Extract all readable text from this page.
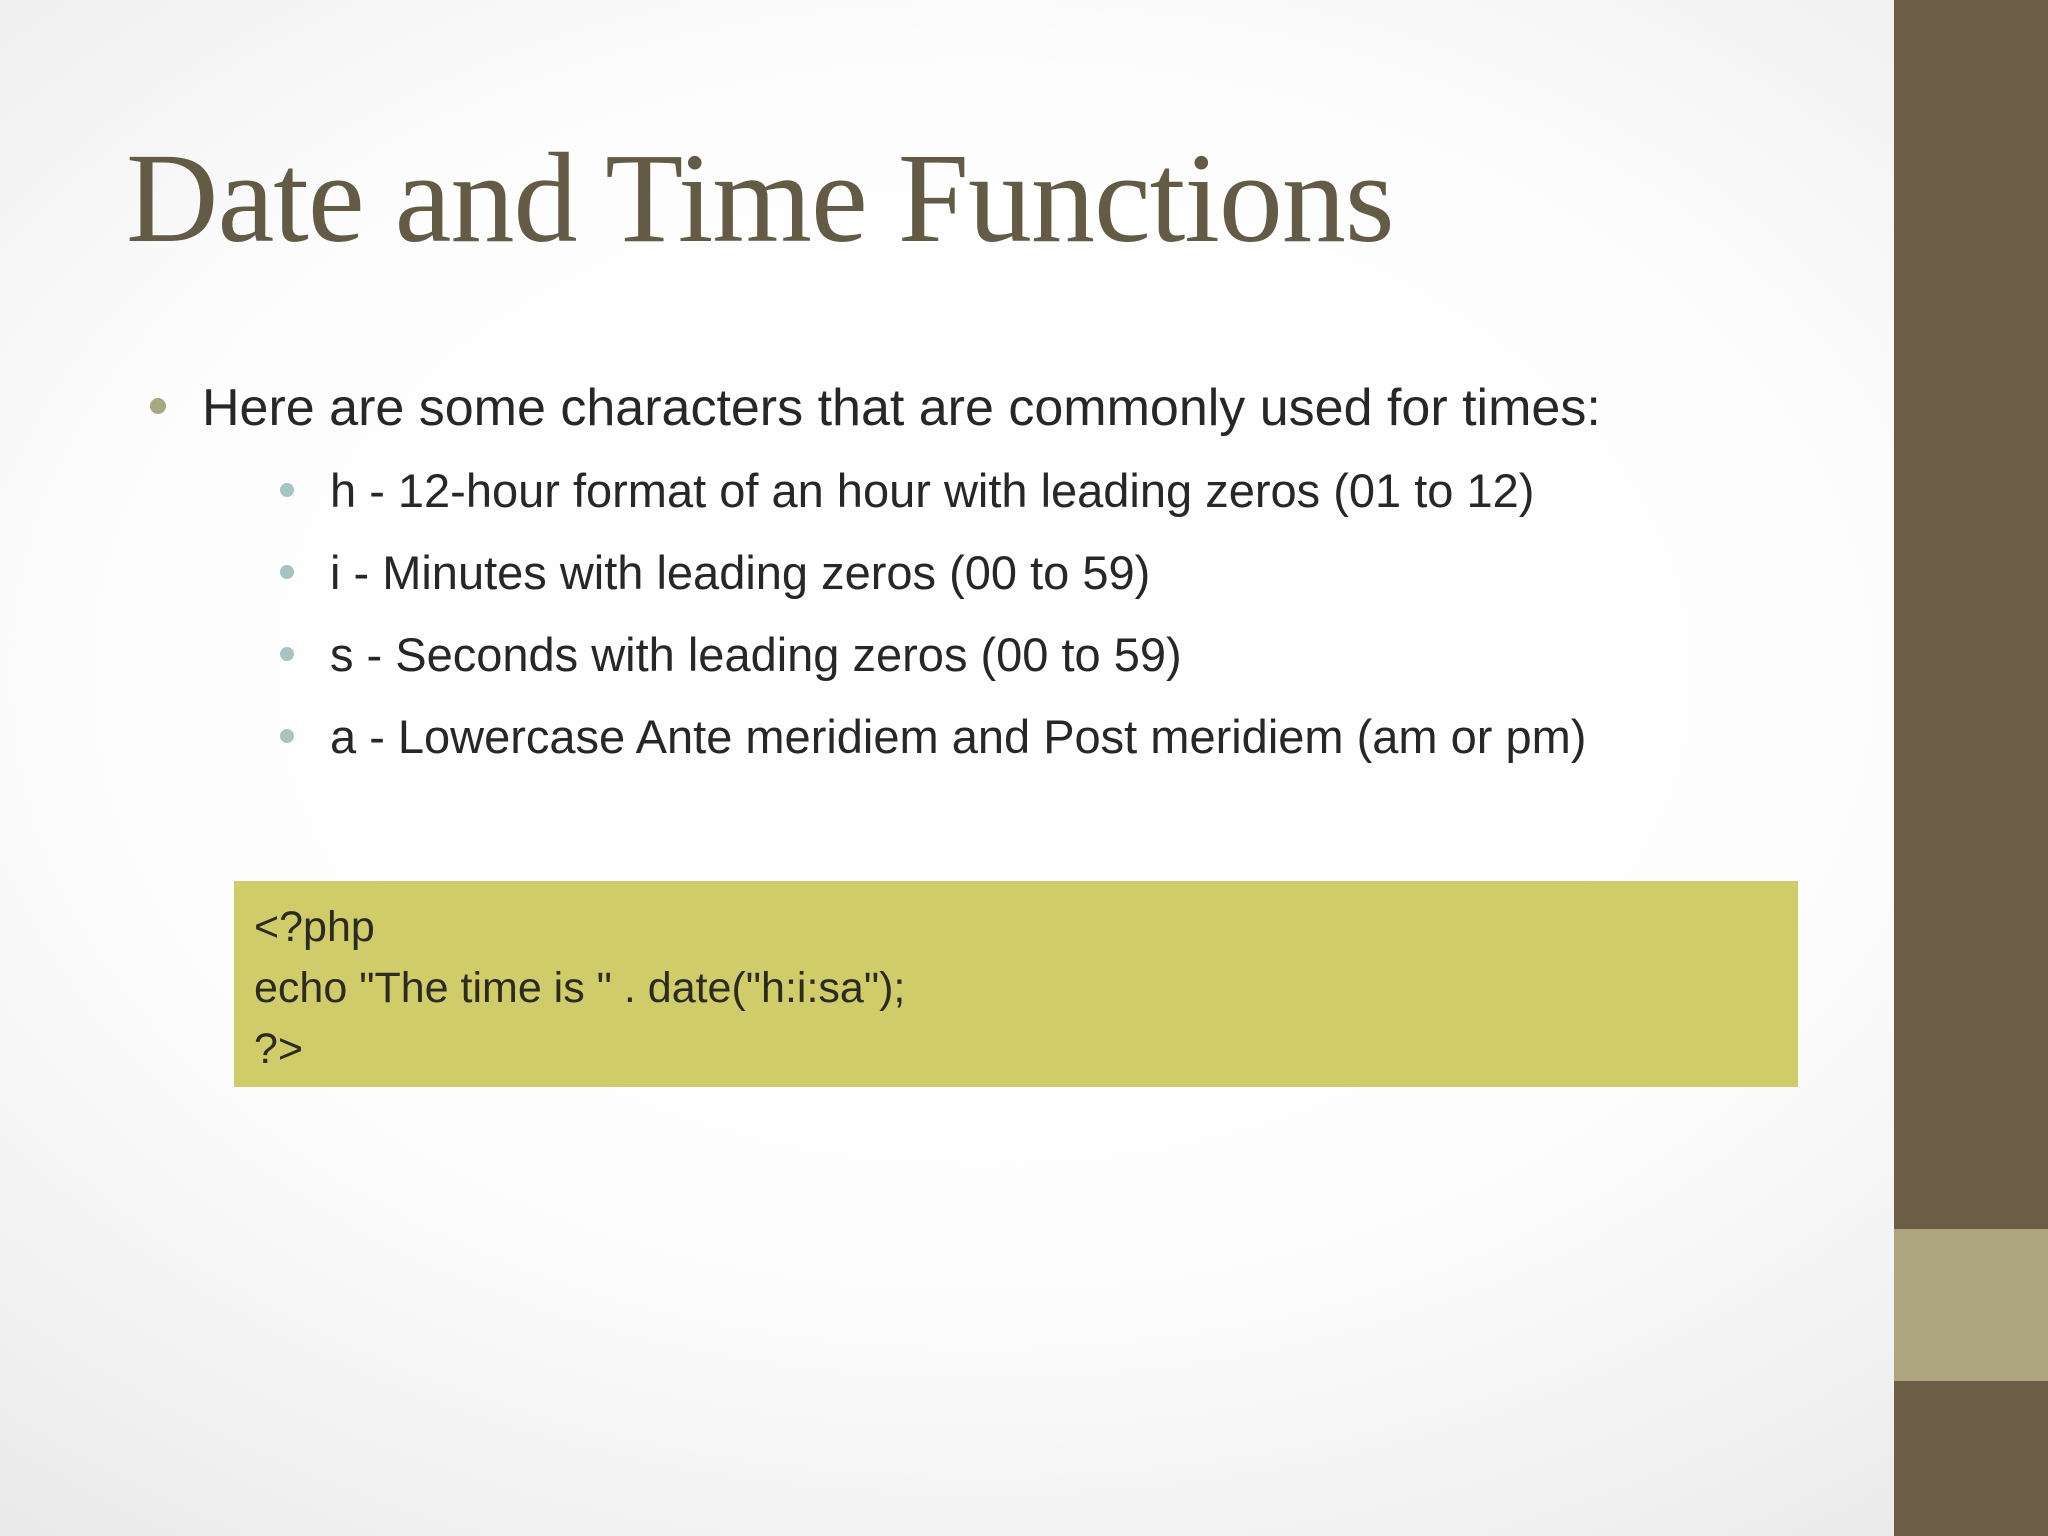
Date and Time Functions
Here are some characters that are commonly used for times:
h - 12-hour format of an hour with leading zeros (01 to 12)
i - Minutes with leading zeros (00 to 59)
s - Seconds with leading zeros (00 to 59)
a - Lowercase Ante meridiem and Post meridiem (am or pm)
<?php
echo "The time is " . date("h:i:sa");
?>
